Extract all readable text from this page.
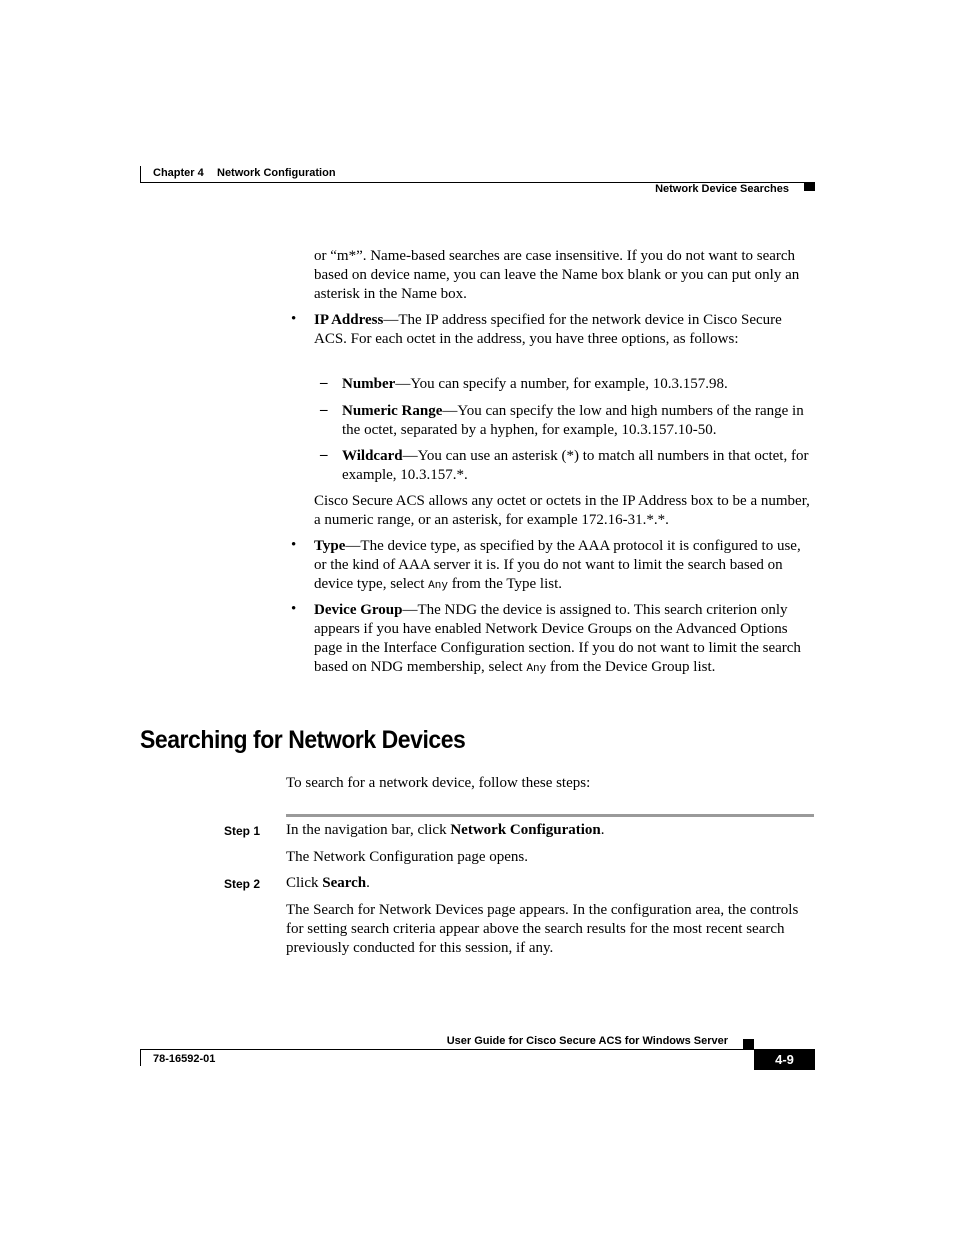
Chapter 4 Network Configuration
Network Device Searches

or “m*”. Name-based searches are case insensitive. If you do not want to search based on device name, you can leave the Name box blank or you can put only an asterisk in the Name box.

• IP Address—The IP address specified for the network device in Cisco Secure ACS. For each octet in the address, you have three options, as follows:

– Number—You can specify a number, for example, 10.3.157.98.

– Numeric Range—You can specify the low and high numbers of the range in the octet, separated by a hyphen, for example, 10.3.157.10-50.

– Wildcard—You can use an asterisk (*) to match all numbers in that octet, for example, 10.3.157.*.

Cisco Secure ACS allows any octet or octets in the IP Address box to be a number, a numeric range, or an asterisk, for example 172.16-31.*.*.

• Type—The device type, as specified by the AAA protocol it is configured to use, or the kind of AAA server it is. If you do not want to limit the search based on device type, select Any from the Type list.

• Device Group—The NDG the device is assigned to. This search criterion only appears if you have enabled Network Device Groups on the Advanced Options page in the Interface Configuration section. If you do not want to limit the search based on NDG membership, select Any from the Device Group list.

Searching for Network Devices

To search for a network device, follow these steps:

Step 1 In the navigation bar, click Network Configuration.

The Network Configuration page opens.

Step 2 Click Search.

The Search for Network Devices page appears. In the configuration area, the controls for setting search criteria appear above the search results for the most recent search previously conducted for this session, if any.

User Guide for Cisco Secure ACS for Windows Server
78-16592-01	4-9
